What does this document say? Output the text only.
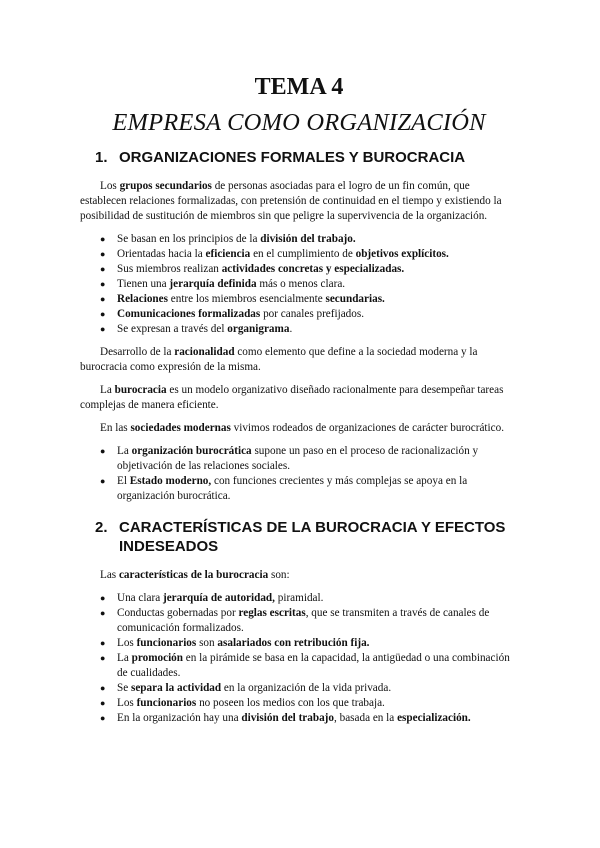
TEMA 4
EMPRESA COMO ORGANIZACIÓN
1. ORGANIZACIONES FORMALES Y BUROCRACIA

Los grupos secundarios de personas asociadas para el logro de un fin común, que establecen relaciones formalizadas, con pretensión de continuidad en el tiempo y existiendo la posibilidad de sustitución de miembros sin que peligre la supervivencia de la organización.

● Se basan en los principios de la división del trabajo.
● Orientadas hacia la eficiencia en el cumplimiento de objetivos explícitos.
● Sus miembros realizan actividades concretas y especializadas.
● Tienen una jerarquía definida más o menos clara.
● Relaciones entre los miembros esencialmente secundarias.
● Comunicaciones formalizadas por canales prefijados.
● Se expresan a través del organigrama.

Desarrollo de la racionalidad como elemento que define a la sociedad moderna y la burocracia como expresión de la misma.

La burocracia es un modelo organizativo diseñado racionalmente para desempeñar tareas complejas de manera eficiente.

En las sociedades modernas vivimos rodeados de organizaciones de carácter burocrático.

● La organización burocrática supone un paso en el proceso de racionalización y objetivación de las relaciones sociales.
● El Estado moderno, con funciones crecientes y más complejas se apoya en la organización burocrática.
2. CARACTERÍSTICAS DE LA BUROCRACIA Y EFECTOS INDESEADOS

Las características de la burocracia son:

● Una clara jerarquía de autoridad, piramidal.
● Conductas gobernadas por reglas escritas, que se transmiten a través de canales de comunicación formalizados.
● Los funcionarios son asalariados con retribución fija.
● La promoción en la pirámide se basa en la capacidad, la antigüedad o una combinación de cualidades.
● Se separa la actividad en la organización de la vida privada.
● Los funcionarios no poseen los medios con los que trabaja.
● En la organización hay una división del trabajo, basada en la especialización.
